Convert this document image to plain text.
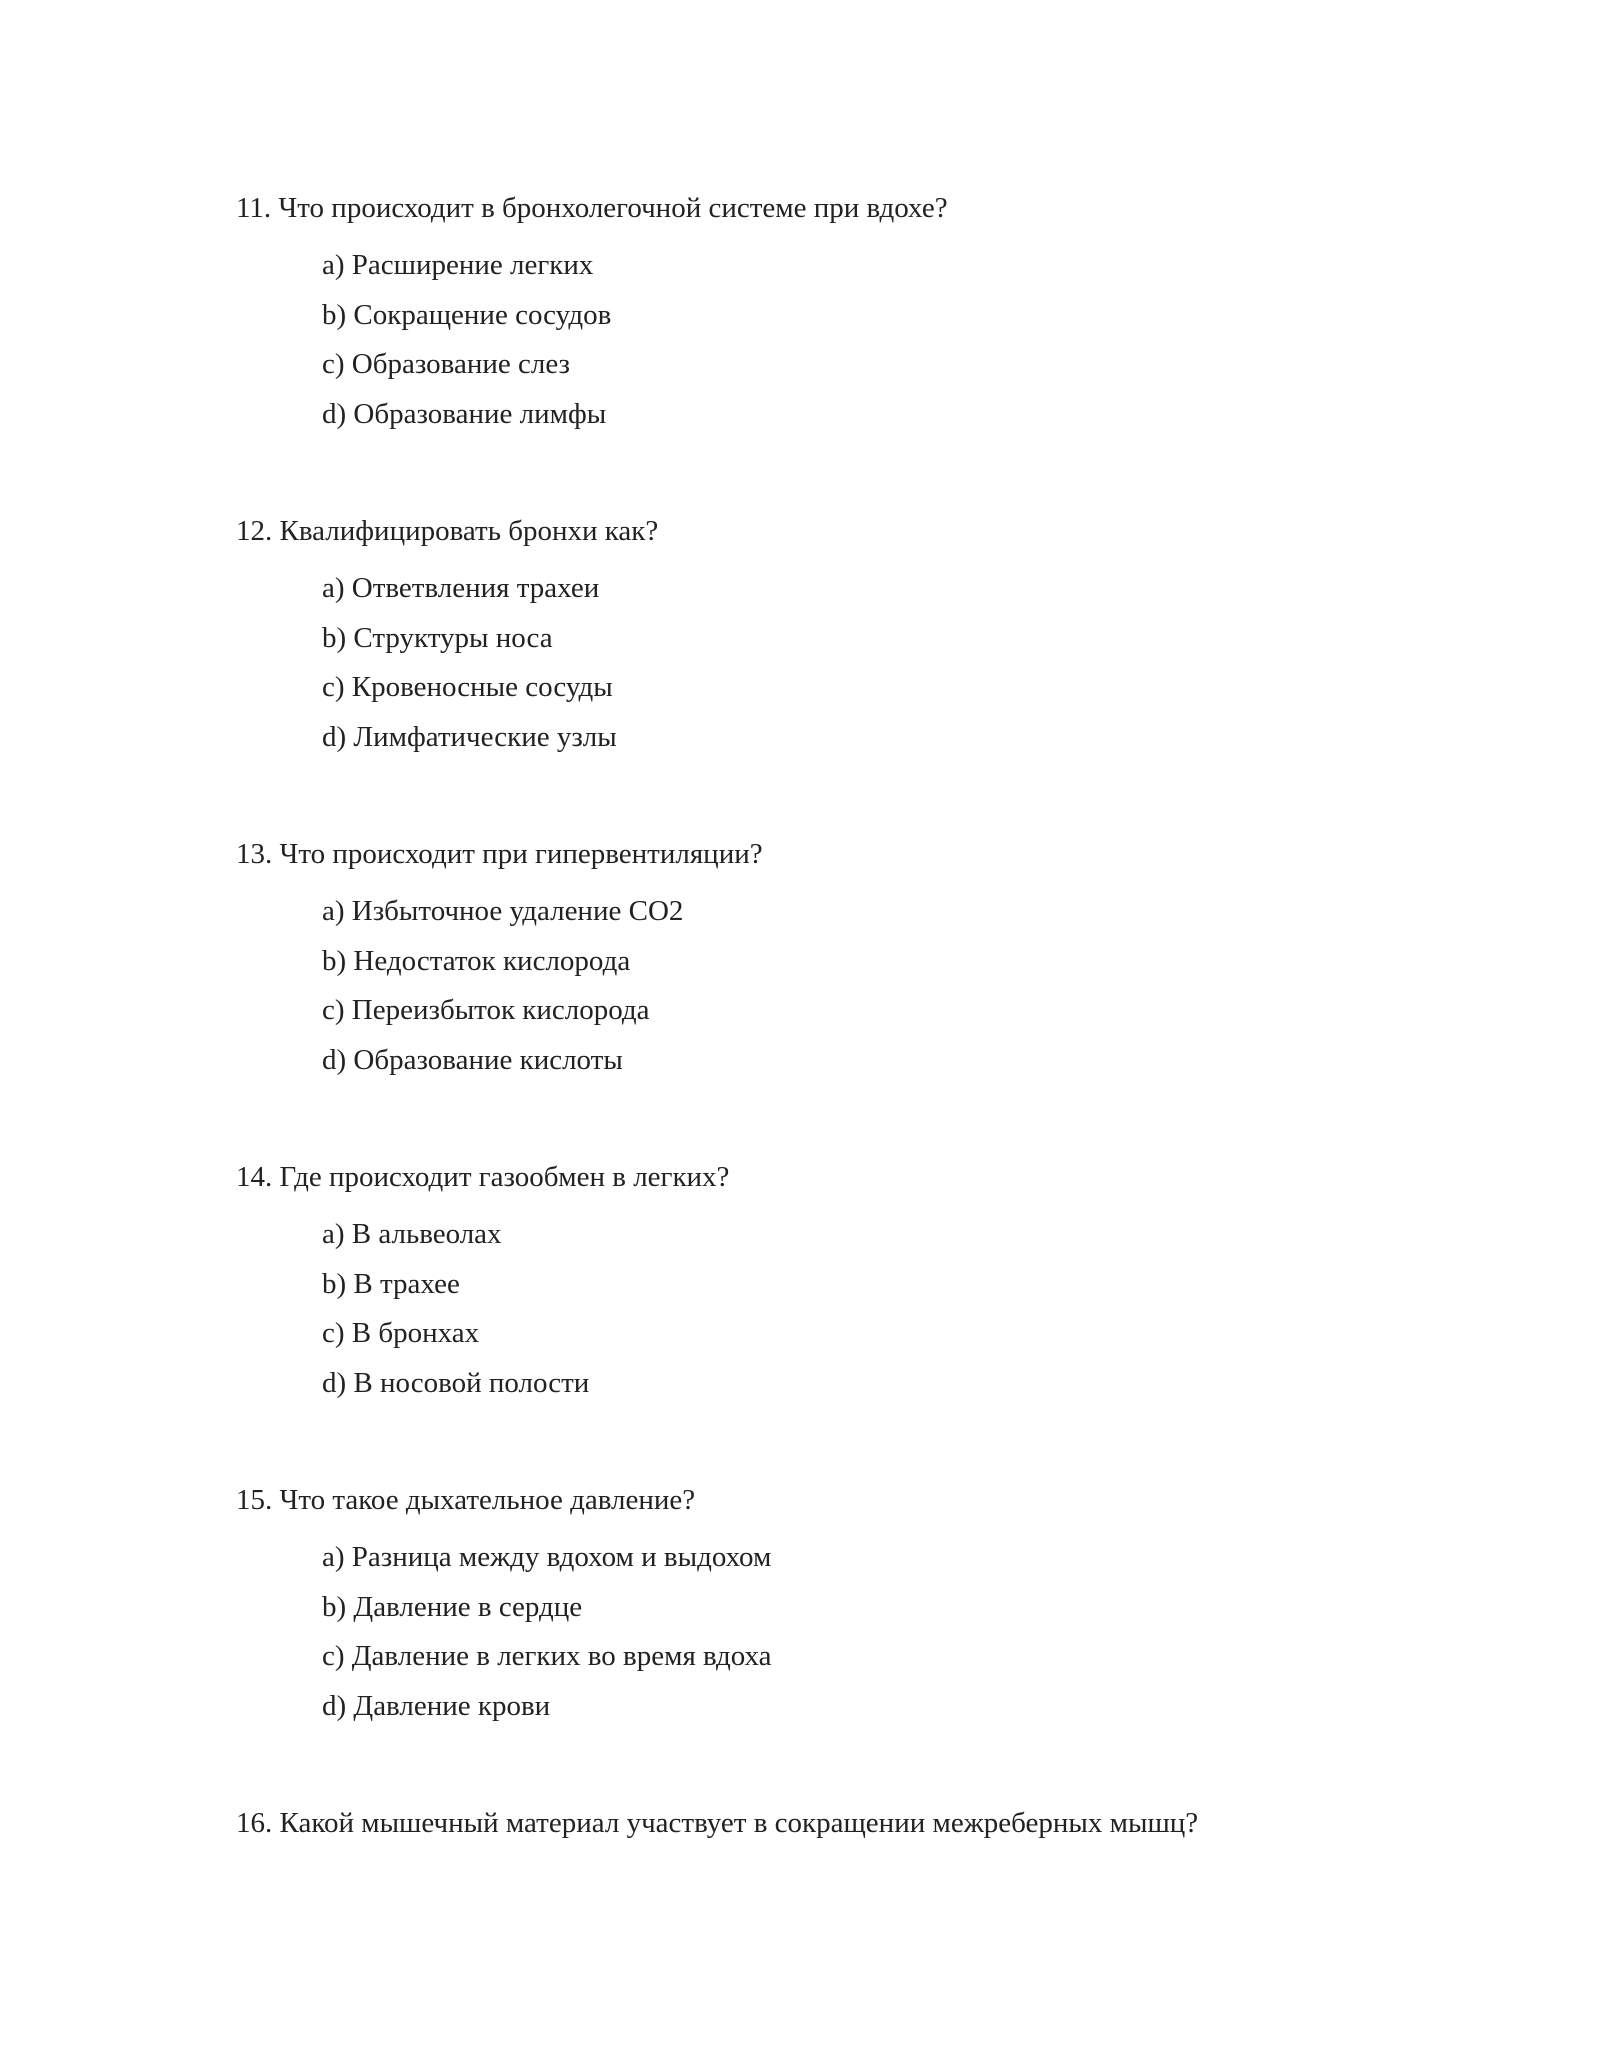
11. Что происходит в бронхолегочной системе при вдохе?

a) Расширение легких
b) Сокращение сосудов
c) Образование слез
d) Образование лимфы

12. Квалифицировать бронхи как?

a) Ответвления трахеи
b) Структуры носа
c) Кровеносные сосуды
d) Лимфатические узлы

13. Что происходит при гипервентиляции?

a) Избыточное удаление CO2
b) Недостаток кислорода
c) Переизбыток кислорода
d) Образование кислоты

14. Где происходит газообмен в легких?

a) В альвеолах
b) В трахее
c) В бронхах
d) В носовой полости

15. Что такое дыхательное давление?

a) Разница между вдохом и выдохом
b) Давление в сердце
c) Давление в легких во время вдоха
d) Давление крови

16. Какой мышечный материал участвует в сокращении межреберных мышц?
